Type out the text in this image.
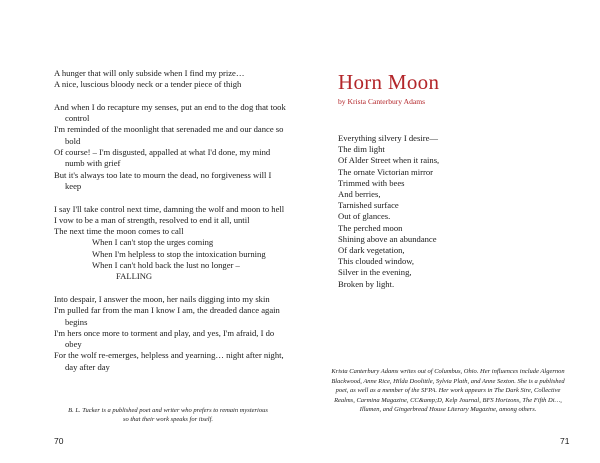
A hunger that will only subside when I find my prize…
A nice, luscious bloody neck or a tender piece of thigh
And when I do recapture my senses, put an end to the dog that took control
I'm reminded of the moonlight that serenaded me and our dance so bold
Of course! – I'm disgusted, appalled at what I'd done, my mind numb with grief
But it's always too late to mourn the dead, no forgiveness will I keep
I say I'll take control next time, damning the wolf and moon to hell
I vow to be a man of strength, resolved to end it all, until
The next time the moon comes to call
When I can't stop the urges coming
When I'm helpless to stop the intoxication burning
When I can't hold back the lust no longer –
FALLING
Into despair, I answer the moon, her nails digging into my skin
I'm pulled far from the man I know I am, the dreaded dance again begins
I'm hers once more to torment and play, and yes, I'm afraid, I do obey
For the wolf re-emerges, helpless and yearning… night after night, day after day
B. L. Tucker is a published poet and writer who prefers to remain mysterious so that their work speaks for itself.
70
Horn Moon
by Krista Canterbury Adams
Everything silvery I desire—
The dim light
Of Alder Street when it rains,
The ornate Victorian mirror
Trimmed with bees
And berries,
Tarnished surface
Out of glances.
The perched moon
Shining above an abundance
Of dark vegetation,
This clouded window,
Silver in the evening,
Broken by light.
Krista Canterbury Adams writes out of Columbus, Ohio. Her influences include Algernon Blackwood, Anne Rice, Hilda Doolittle, Sylvia Plath, and Anne Sexton. She is a published poet, as well as a member of the SFPA. Her work appears in The Dark Sire, Collective Realms, Carmina Magazine, CC&amp;D, Kelp Journal, BFS Horizons, The Fifth Di…, Illumen, and Gingerbread House Literary Magazine, among others.
71
